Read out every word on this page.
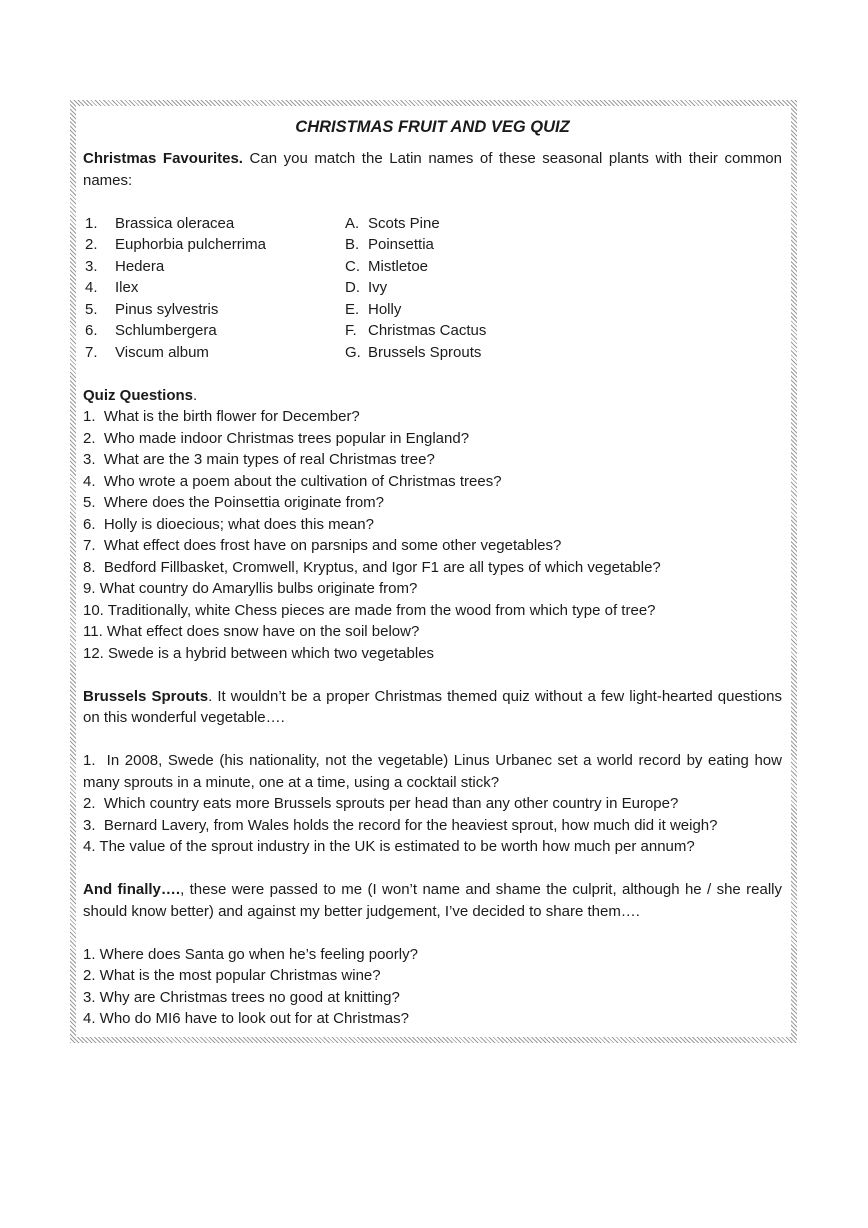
CHRISTMAS FRUIT AND VEG QUIZ

Christmas Favourites. Can you match the Latin names of these seasonal plants with their common names:

1.	Brassica oleracea	A. Scots Pine
2.	Euphorbia pulcherrima	B. Poinsettia
3.	Hedera	C. Mistletoe
4.	Ilex	D. Ivy
5.	Pinus sylvestris	E. Holly
6.	Schlumbergera	F. Christmas Cactus
7.	Viscum album	G. Brussels Sprouts

Quiz Questions.

1.  What is the birth flower for December?

2.  Who made indoor Christmas trees popular in England?

3.  What are the 3 main types of real Christmas tree?

4.  Who wrote a poem about the cultivation of Christmas trees?

5.  Where does the Poinsettia originate from?

6.  Holly is dioecious; what does this mean?

7.  What effect does frost have on parsnips and some other vegetables?

8.  Bedford Fillbasket, Cromwell, Kryptus, and Igor F1 are all types of which vegetable?

9. What country do Amaryllis bulbs originate from?

10. Traditionally, white Chess pieces are made from the wood from which type of tree?

11. What effect does snow have on the soil below?

12. Swede is a hybrid between which two vegetables

Brussels Sprouts. It wouldn’t be a proper Christmas themed quiz without a few light-hearted questions on this wonderful vegetable….

1.  In 2008, Swede (his nationality, not the vegetable) Linus Urbanec set a world record by eating how many sprouts in a minute, one at a time, using a cocktail stick?

2.  Which country eats more Brussels sprouts per head than any other country in Europe?

3.  Bernard Lavery, from Wales holds the record for the heaviest sprout, how much did it weigh?

4. The value of the sprout industry in the UK is estimated to be worth how much per annum?

And finally…., these were passed to me (I won’t name and shame the culprit, although he / she really should know better) and against my better judgement, I’ve decided to share them….

1. Where does Santa go when he’s feeling poorly?

2. What is the most popular Christmas wine?

3. Why are Christmas trees no good at knitting?

4. Who do MI6 have to look out for at Christmas?
